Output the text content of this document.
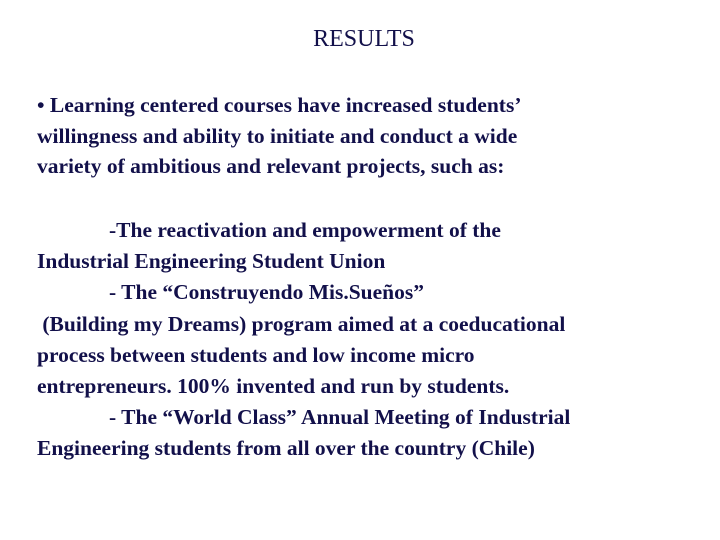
RESULTS
• Learning centered courses have increased students’
willingness and ability to initiate and conduct a wide
variety of ambitious and relevant projects, such as:
-The reactivation and empowerment of the
Industrial Engineering Student Union
- The “Construyendo Mis.Sueños”
(Building my Dreams) program aimed at a coeducational
process between students and low income micro
entrepreneurs. 100% invented and run by students.
- The “World Class” Annual Meeting of Industrial
Engineering students from all over the country (Chile)
